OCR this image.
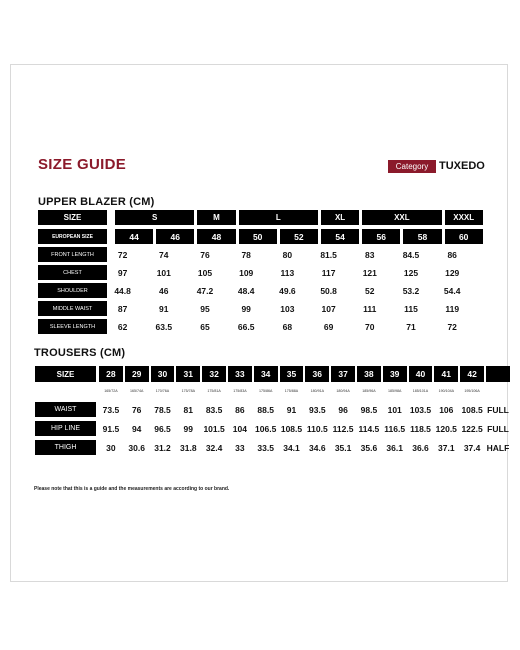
SIZE GUIDE	Category TUXEDO
UPPER BLAZER (CM)
SIZE	S	M	L	XL	XXL	XXXL
EUROPEAN SIZE	44	46	48	50	52	54	56	58	60
FRONT LENGTH	72	74	76	78	80	81.5	83	84.5	86
CHEST	97	101	105	109	113	117	121	125	129
SHOULDER	44.8	46	47.2	48.4	49.6	50.8	52	53.2	54.4
MIDDLE WAIST	87	91	95	99	103	107	111	115	119
SLEEVE LENGTH	62	63.5	65	66.5	68	69	70	71	72
TROUSERS (CM)
SIZE	28	29	30	31	32	33	34	35	36	37	38	39	40	41	42
165/72A	165/74A	170/76A	175/78A	175/81A	175/83A	175/86A	175/88A	180/91A	180/94A	185/96A	185/98A	185/101A	190/104A	195/106A
WAIST	73.5	76	78.5	81	83.5	86	88.5	91	93.5	96	98.5	101 103.5 106 108.5 FULL
HIP LINE	91.5	94	96.5	99	101.5 104 106.5 108.5 110.5 112.5 114.5 116.5 118.5 120.5 122.5 FULL
THIGH	30	30.6	31.2	31.8	32.4	33	33.5	34.1	34.6	35.1	35.6	36.1	36.6	37.1	37.4 HALF
Please note that this is a guide and the measurements are according to our brand.
